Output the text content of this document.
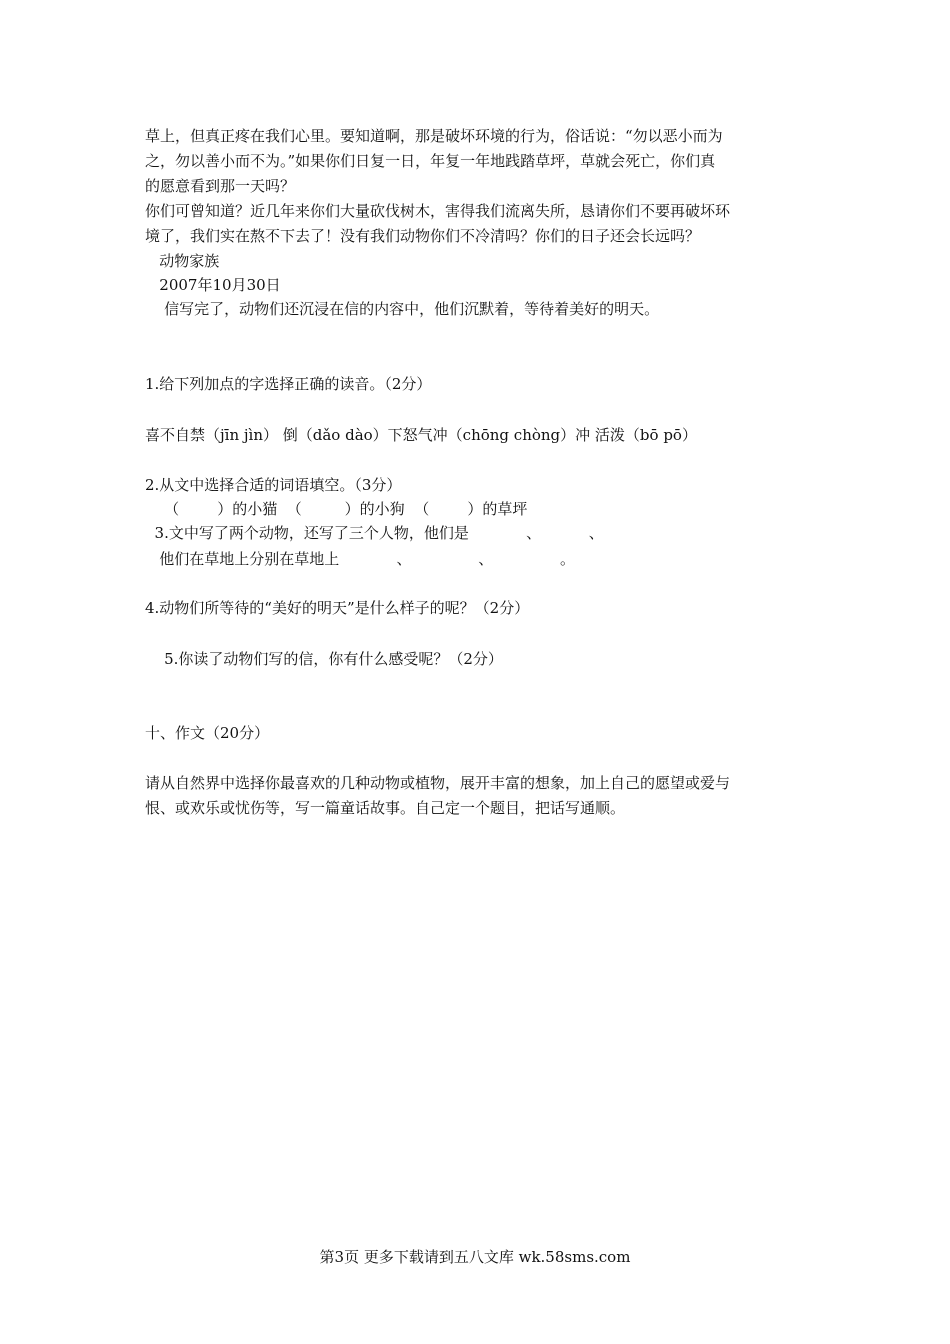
草上，但真正疼在我们心里。要知道啊，那是破坏环境的行为，俗话说：“勿以恶小而为

之，勿以善小而不为。”如果你们日复一日，年复一年地践踏草坪，草就会死亡，你们真

的愿意看到那一天吗？

你们可曾知道？近几年来你们大量砍伐树木，害得我们流离失所，恳请你们不要再破坏环

境了，我们实在熬不下去了！没有我们动物你们不冷清吗？你们的日子还会长远吗？

动物家族

2007年10月30日

信写完了，动物们还沉浸在信的内容中，他们沉默着，等待着美好的明天。

1.给下列加点的字选择正确的读音。（2分）

喜不自禁（jīn jìn） 倒（dǎo dào）下怒气冲（chōng chòng）冲 活泼（bō pō）

2.从文中选择合适的词语填空。（3分）

（        ）的小猫  （         ）的小狗  （        ）的草坪

3.文中写了两个动物，还写了三个人物，他们是            、          、

他们在草地上分别在草地上            、              、              。

4.动物们所等待的“美好的明天”是什么样子的呢？（2分）

5.你读了动物们写的信，你有什么感受呢？（2分）

十、作文（20分）

请从自然界中选择你最喜欢的几种动物或植物，展开丰富的想象，加上自己的愿望或爱与

恨、或欢乐或忧伤等，写一篇童话故事。自己定一个题目，把话写通顺。

第3页 更多下载请到五八文库 wk.58sms.com
